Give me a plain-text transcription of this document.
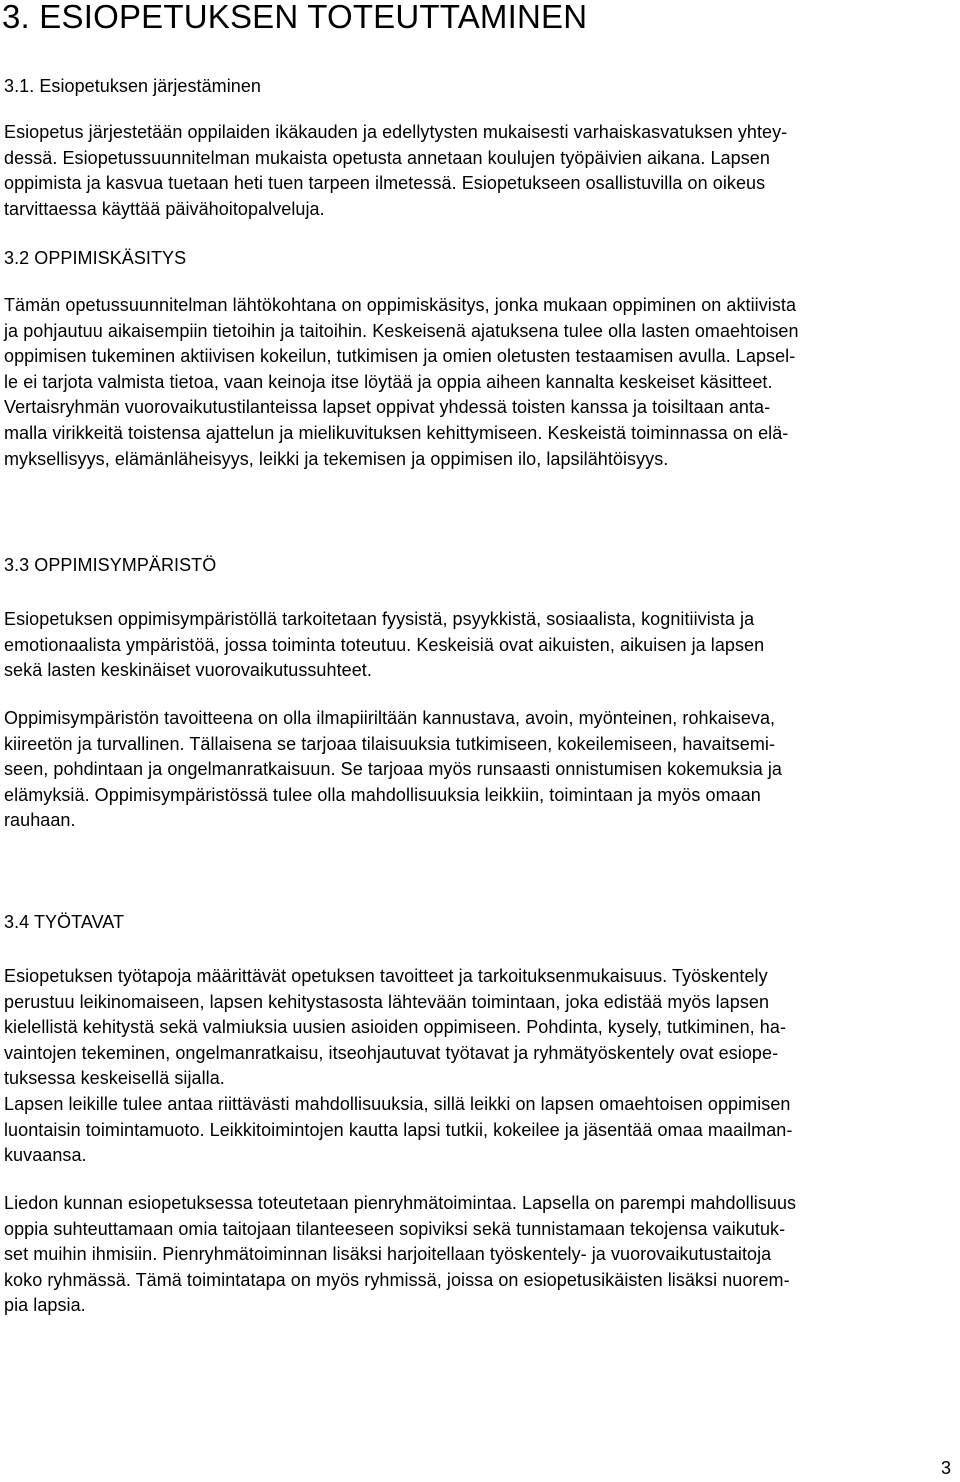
3. ESIOPETUKSEN TOTEUTTAMINEN
3.1. Esiopetuksen järjestäminen
Esiopetus järjestetään oppilaiden ikäkauden ja edellytysten mukaisesti varhaiskasvatuksen yhtey-
dessä. Esiopetussuunnitelman mukaista opetusta annetaan koulujen työpäivien aikana. Lapsen
oppimista ja kasvua tuetaan heti tuen tarpeen ilmetessä. Esiopetukseen osallistuvilla on oikeus
tarvittaessa käyttää päivähoitopalveluja.
3.2 OPPIMISKÄSITYS
Tämän opetussuunnitelman lähtökohtana on oppimiskäsitys, jonka mukaan oppiminen on aktiivista
ja pohjautuu aikaisempiin tietoihin ja taitoihin. Keskeisenä ajatuksena tulee olla lasten omaehtoisen
oppimisen tukeminen aktiivisen kokeilun, tutkimisen ja omien oletusten testaamisen avulla. Lapsel-
le ei tarjota valmista tietoa, vaan keinoja itse löytää ja oppia aiheen kannalta keskeiset käsitteet.
Vertaisryhmän vuorovaikutustilanteissa lapset oppivat yhdessä toisten kanssa ja toisiltaan anta-
malla virikkeitä toistensa ajattelun ja mielikuvituksen kehittymiseen. Keskeistä toiminnassa on elä-
myksellisyys, elämänläheisyys, leikki ja tekemisen ja oppimisen ilo, lapsilähtöisyys.
3.3 OPPIMISYMPÄRISTÖ
Esiopetuksen oppimisympäristöllä tarkoitetaan fyysistä, psyykkistä, sosiaalista, kognitiivista ja
emotionaalista ympäristöä, jossa toiminta toteutuu. Keskeisiä ovat aikuisten, aikuisen ja lapsen
sekä lasten keskinäiset vuorovaikutussuhteet.
Oppimisympäristön tavoitteena on olla ilmapiiriltään kannustava, avoin, myönteinen, rohkaiseva,
kiireetön ja turvallinen. Tällaisena se tarjoaa tilaisuuksia tutkimiseen, kokeilemiseen, havaitsemi-
seen, pohdintaan ja ongelmanratkaisuun. Se tarjoaa myös runsaasti onnistumisen kokemuksia ja
elämyksiä. Oppimisympäristössä tulee olla mahdollisuuksia leikkiin, toimintaan ja myös omaan
rauhaan.
3.4 TYÖTAVAT
Esiopetuksen työtapoja määrittävät opetuksen tavoitteet ja tarkoituksenmukaisuus. Työskentely
perustuu leikinomaiseen, lapsen kehitystasosta lähtevään toimintaan, joka edistää myös lapsen
kielellistä kehitystä sekä valmiuksia uusien asioiden oppimiseen. Pohdinta, kysely, tutkiminen, ha-
vaintojen tekeminen, ongelmanratkaisu, itseohjautuvat työtavat ja ryhmätyöskentely ovat esiope-
tuksessa keskeisellä sijalla.
Lapsen leikille tulee antaa riittävästi mahdollisuuksia, sillä leikki on lapsen omaehtoisen oppimisen
luontaisin toimintamuoto. Leikkitoimintojen kautta lapsi tutkii, kokeilee ja jäsentää omaa maailman-
kuvaansa.
Liedon kunnan esiopetuksessa toteutetaan pienryhmätoimintaa. Lapsella on parempi mahdollisuus
oppia suhteuttamaan omia taitojaan tilanteeseen sopiviksi sekä tunnistamaan tekojensa vaikutuk-
set muihin ihmisiin. Pienryhmätoiminnan lisäksi harjoitellaan työskentely- ja vuorovaikutustaitoja
koko ryhmässä. Tämä toimintatapa on myös ryhmissä, joissa on esiopetusikäisten lisäksi nuorem-
pia lapsia.
3
